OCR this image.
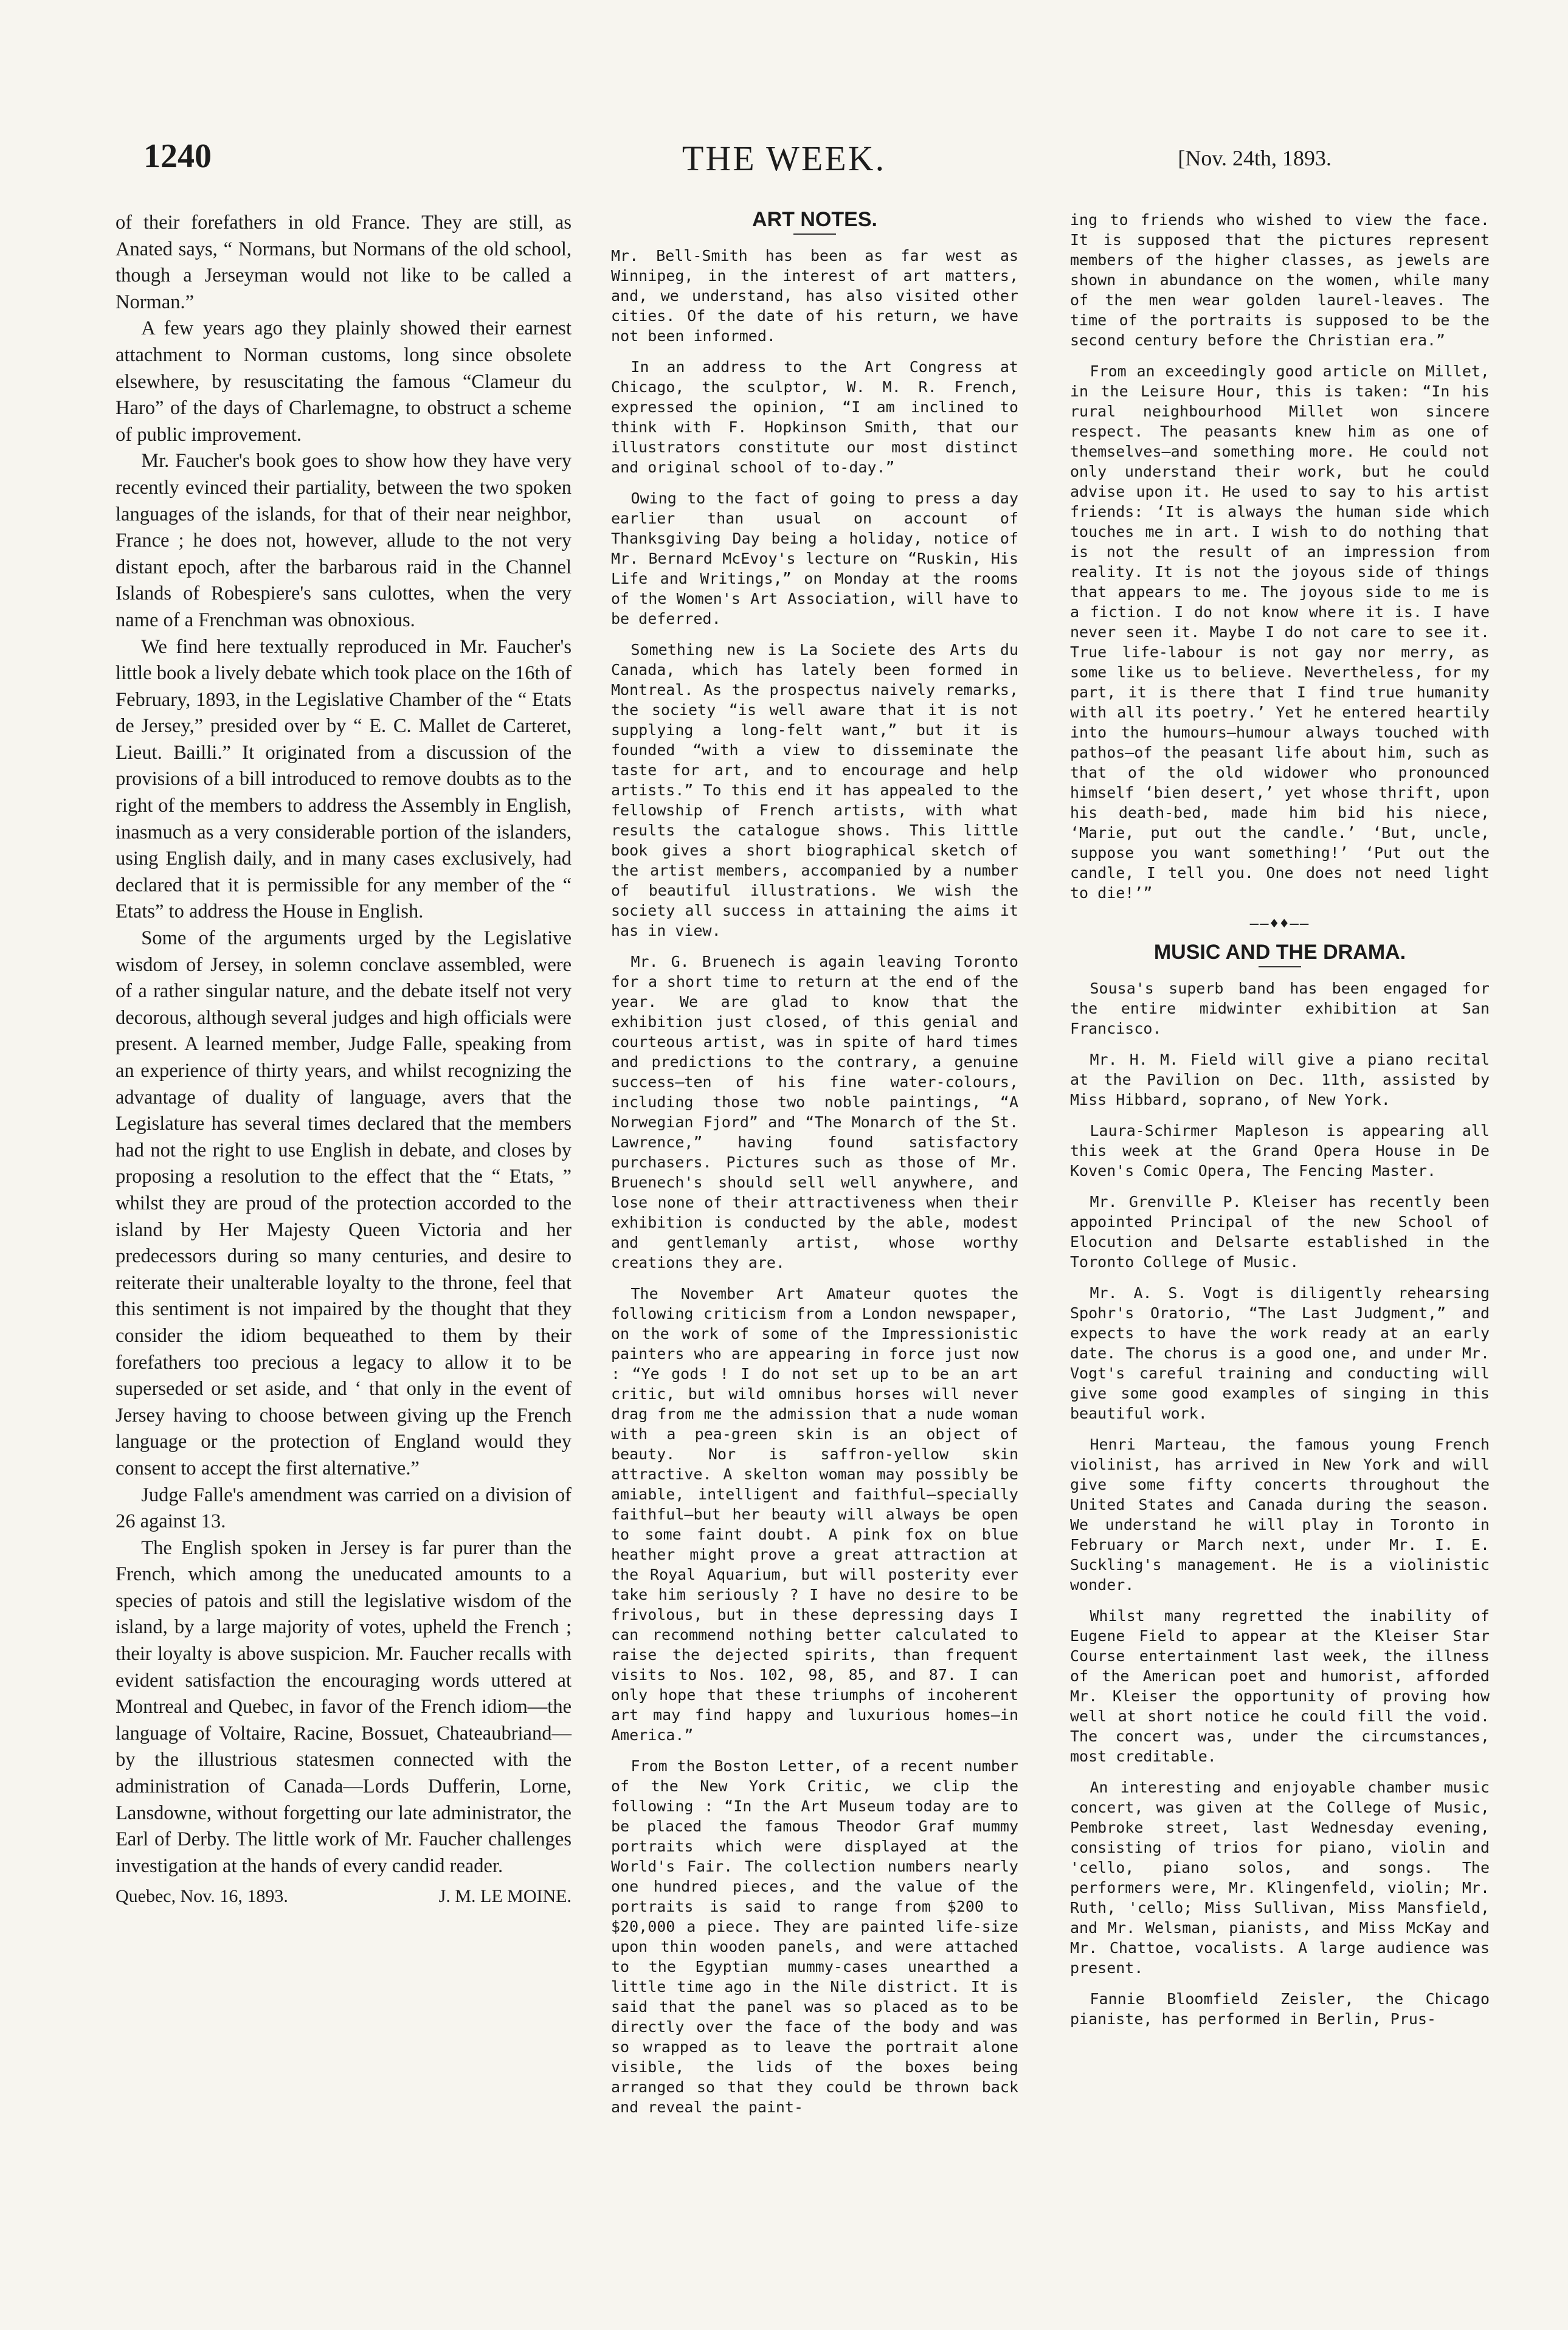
1240	THE WEEK.	[Nov. 24th, 1893.

of their forefathers in old France. They are still, as Anated says, “ Normans, but Normans of the old school, though a Jerseyman would not like to be called a Norman.”

A few years ago they plainly showed their earnest attachment to Norman customs, long since obsolete elsewhere, by resuscitating the famous “Clameur du Haro” of the days of Charlemagne, to obstruct a scheme of public improvement.

Mr. Faucher's book goes to show how they have very recently evinced their partiality, between the two spoken languages of the islands, for that of their near neighbor, France ; he does not, however, allude to the not very distant epoch, after the barbarous raid in the Channel Islands of Robespiere's sans culottes, when the very name of a Frenchman was obnoxious.

We find here textually reproduced in Mr. Faucher's little book a lively debate which took place on the 16th of February, 1893, in the Legislative Chamber of the “ Etats de Jersey,” presided over by “ E. C. Mallet de Carteret, Lieut. Bailli.” It originated from a discussion of the provisions of a bill introduced to remove doubts as to the right of the members to address the Assembly in English, inasmuch as a very considerable portion of the islanders, using English daily, and in many cases exclusively, had declared that it is permissible for any member of the “ Etats” to address the House in English.

Some of the arguments urged by the Legislative wisdom of Jersey, in solemn conclave assembled, were of a rather singular nature, and the debate itself not very decorous, although several judges and high officials were present. A learned member, Judge Falle, speaking from an experience of thirty years, and whilst recognizing the advantage of duality of language, avers that the Legislature has several times declared that the members had not the right to use English in debate, and closes by proposing a resolution to the effect that the “ Etats, ” whilst they are proud of the protection accorded to the island by Her Majesty Queen Victoria and her predecessors during so many centuries, and desire to reiterate their unalterable loyalty to the throne, feel that this sentiment is not impaired by the thought that they consider the idiom bequeathed to them by their forefathers too precious a legacy to allow it to be superseded or set aside, and ‘ that only in the event of Jersey having to choose between giving up the French language or the protection of England would they consent to accept the first alternative.”

Judge Falle's amendment was carried on a division of 26 against 13.

The English spoken in Jersey is far purer than the French, which among the uneducated amounts to a species of patois and still the legislative wisdom of the island, by a large majority of votes, upheld the French ; their loyalty is above suspicion. Mr. Faucher recalls with evident satisfaction the encouraging words uttered at Montreal and Quebec, in favor of the French idiom—the language of Voltaire, Racine, Bossuet, Chateaubriand—by the illustrious statesmen connected with the administration of Canada—Lords Dufferin, Lorne, Lansdowne, without forgetting our late administrator, the Earl of Derby. The little work of Mr. Faucher challenges investigation at the hands of every candid reader.

Quebec, Nov. 16, 1893.	J. M. LE MOINE.
ART NOTES.

Mr. Bell-Smith has been as far west as Winnipeg, in the interest of art matters, and, we understand, has also visited other cities. Of the date of his return, we have not been informed.

In an address to the Art Congress at Chicago, the sculptor, W. M. R. French, expressed the opinion, “I am inclined to think with F. Hopkinson Smith, that our illustrators constitute our most distinct and original school of to-day.”

Owing to the fact of going to press a day earlier than usual on account of Thanksgiving Day being a holiday, notice of Mr. Bernard McEvoy's lecture on “Ruskin, His Life and Writings,” on Monday at the rooms of the Women's Art Association, will have to be deferred.

Something new is La Societe des Arts du Canada, which has lately been formed in Montreal. As the prospectus naively remarks, the society “is well aware that it is not supplying a long-felt want,” but it is founded “with a view to disseminate the taste for art, and to encourage and help artists.” To this end it has appealed to the fellowship of French artists, with what results the catalogue shows. This little book gives a short biographical sketch of the artist members, accompanied by a number of beautiful illustrations. We wish the society all success in attaining the aims it has in view.

Mr. G. Bruenech is again leaving Toronto for a short time to return at the end of the year. We are glad to know that the exhibition just closed, of this genial and courteous artist, was in spite of hard times and predictions to the contrary, a genuine success—ten of his fine water-colours, including those two noble paintings, “A Norwegian Fjord” and “The Monarch of the St. Lawrence,” having found satisfactory purchasers. Pictures such as those of Mr. Bruenech's should sell well anywhere, and lose none of their attractiveness when their exhibition is conducted by the able, modest and gentlemanly artist, whose worthy creations they are.

The November Art Amateur quotes the following criticism from a London newspaper, on the work of some of the Impressionistic painters who are appearing in force just now : “Ye gods ! I do not set up to be an art critic, but wild omnibus horses will never drag from me the admission that a nude woman with a pea-green skin is an object of beauty. Nor is saffron-yellow skin attractive. A skelton woman may possibly be amiable, intelligent and faithful—specially faithful—but her beauty will always be open to some faint doubt. A pink fox on blue heather might prove a great attraction at the Royal Aquarium, but will posterity ever take him seriously ? I have no desire to be frivolous, but in these depressing days I can recommend nothing better calculated to raise the dejected spirits, than frequent visits to Nos. 102, 98, 85, and 87. I can only hope that these triumphs of incoherent art may find happy and luxurious homes—in America.”

From the Boston Letter, of a recent number of the New York Critic, we clip the following : “In the Art Museum today are to be placed the famous Theodor Graf mummy portraits which were displayed at the World's Fair. The collection numbers nearly one hundred pieces, and the value of the portraits is said to range from $200 to $20,000 a piece. They are painted life-size upon thin wooden panels, and were attached to the Egyptian mummy-cases unearthed a little time ago in the Nile district. It is said that the panel was so placed as to be directly over the face of the body and was so wrapped as to leave the portrait alone visible, the lids of the boxes being arranged so that they could be thrown back and reveal the paint-

ing to friends who wished to view the face. It is supposed that the pictures represent members of the higher classes, as jewels are shown in abundance on the women, while many of the men wear golden laurel-leaves. The time of the portraits is supposed to be the second century before the Christian era.”

From an exceedingly good article on Millet, in the Leisure Hour, this is taken: “In his rural neighbourhood Millet won sincere respect. The peasants knew him as one of themselves—and something more. He could not only understand their work, but he could advise upon it. He used to say to his artist friends: ‘It is always the human side which touches me in art. I wish to do nothing that is not the result of an impression from reality. It is not the joyous side of things that appears to me. The joyous side to me is a fiction. I do not know where it is. I have never seen it. Maybe I do not care to see it. True life-labour is not gay nor merry, as some like us to believe. Nevertheless, for my part, it is there that I find true humanity with all its poetry.’ Yet he entered heartily into the humours—humour always touched with pathos—of the peasant life about him, such as that of the old widower who pronounced himself ‘bien desert,’ yet whose thrift, upon his death-bed, made him bid his niece, ‘Marie, put out the candle.’ ‘But, uncle, suppose you want something!’ ‘Put out the candle, I tell you. One does not need light to die!’”

——♦♦——
MUSIC AND THE DRAMA.

Sousa's superb band has been engaged for the entire midwinter exhibition at San Francisco.

Mr. H. M. Field will give a piano recital at the Pavilion on Dec. 11th, assisted by Miss Hibbard, soprano, of New York.

Laura-Schirmer Mapleson is appearing all this week at the Grand Opera House in De Koven's Comic Opera, The Fencing Master.

Mr. Grenville P. Kleiser has recently been appointed Principal of the new School of Elocution and Delsarte established in the Toronto College of Music.

Mr. A. S. Vogt is diligently rehearsing Spohr's Oratorio, “The Last Judgment,” and expects to have the work ready at an early date. The chorus is a good one, and under Mr. Vogt's careful training and conducting will give some good examples of singing in this beautiful work.

Henri Marteau, the famous young French violinist, has arrived in New York and will give some fifty concerts throughout the United States and Canada during the season. We understand he will play in Toronto in February or March next, under Mr. I. E. Suckling's management. He is a violinistic wonder.

Whilst many regretted the inability of Eugene Field to appear at the Kleiser Star Course entertainment last week, the illness of the American poet and humorist, afforded Mr. Kleiser the opportunity of proving how well at short notice he could fill the void. The concert was, under the circumstances, most creditable.

An interesting and enjoyable chamber music concert, was given at the College of Music, Pembroke street, last Wednesday evening, consisting of trios for piano, violin and 'cello, piano solos, and songs. The performers were, Mr. Klingenfeld, violin; Mr. Ruth, 'cello; Miss Sullivan, Miss Mansfield, and Mr. Welsman, pianists, and Miss McKay and Mr. Chattoe, vocalists. A large audience was present.

Fannie Bloomfield Zeisler, the Chicago pianiste, has performed in Berlin, Prus-
